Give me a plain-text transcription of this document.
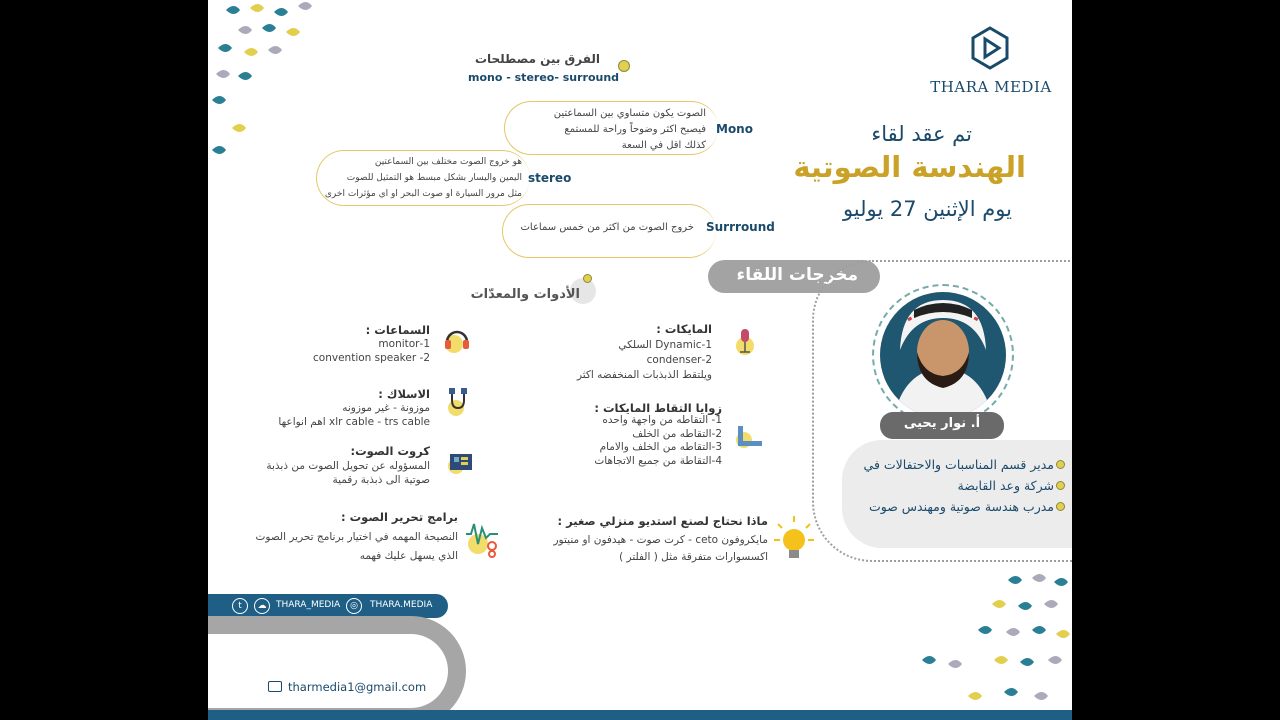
THARA MEDIA
تم عقد لقاء
الهندسة الصوتية
يوم الإثنين 27 يوليو
الفرق بين مصطلحات
mono - stereo- surround
الصوت يكون متساوي بين السماعتين
فيصبح اكثر وضوحاً وراحة للمستمع
كذلك اقل في السعة
Mono
هو خروج الصوت مختلف بين السماعتين
اليمين واليسار بشكل مبسط هو التمثيل للصوت
مثل مرور السيارة او صوت البحر او اي مؤثرات اخرى
stereo
خروج الصوت من اكثر من خمس سماعات Surrround
مخرجات اللقاء
الأدوات والمعدّات
المايكات :
1-Dynamic السلكي
2-condenser
ويلتقط الذبذبات المنخفضه اكثر
زوايا التقاط المايكات :
1- التقاطه من واجهة واحده
2-التقاطه من الخلف
3-التقاطه من الخلف والامام
4-التقاطة من جميع الاتجاهات
ماذا نحتاج لصنع استديو منزلي صغير :
مايكروفون ceto - كرت صوت - هيدفون او منيتور
اكسسوارات متفرقة مثل ( الفلتر )
السماعات :
1-monitor
2- convention speaker
الاسلاك :
موزونة - غير موزونه
xlr cable - trs cable اهم انواعها
كروت الصوت:
المسؤوله عن تحويل الصوت من ذبذبة
صوتية الى ذبذبة رقمية
برامج تحرير الصوت :
النصيحة المهمه في اختيار برنامج تحرير الصوت
الذي يسهل عليك فهمه
أ. نوار يحيى
مدير قسم المناسبات والاحتفالات في
شركة وعد القابضة
مدرب هندسة صوتية ومهندس صوت
t	☁	THARA_MEDIA	◎	THARA.MEDIA
tharmedia1@gmail.com
